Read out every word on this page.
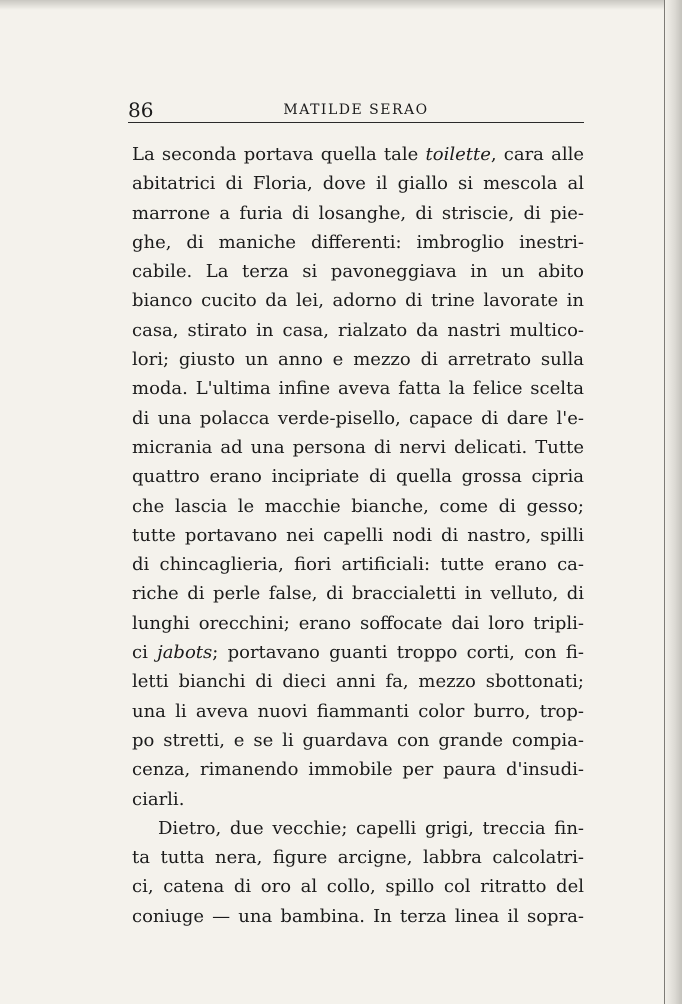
86	MATILDE SERAO
La seconda portava quella tale toilette, cara alle
abitatrici di Floria, dove il giallo si mescola al
marrone a furia di losanghe, di striscie, di pie-
ghe, di maniche differenti: imbroglio inestri-
cabile. La terza si pavoneggiava in un abito
bianco cucito da lei, adorno di trine lavorate in
casa, stirato in casa, rialzato da nastri multico-
lori; giusto un anno e mezzo di arretrato sulla
moda. L'ultima infine aveva fatta la felice scelta
di una polacca verde-pisello, capace di dare l'e-
micrania ad una persona di nervi delicati. Tutte
quattro erano incipriate di quella grossa cipria
che lascia le macchie bianche, come di gesso;
tutte portavano nei capelli nodi di nastro, spilli
di chincaglieria, fiori artificiali: tutte erano ca-
riche di perle false, di braccialetti in velluto, di
lunghi orecchini; erano soffocate dai loro tripli-
ci jabots; portavano guanti troppo corti, con fi-
letti bianchi di dieci anni fa, mezzo sbottonati;
una li aveva nuovi fiammanti color burro, trop-
po stretti, e se li guardava con grande compia-
cenza, rimanendo immobile per paura d'insudi-
ciarli.
Dietro, due vecchie; capelli grigi, treccia fin-
ta tutta nera, figure arcigne, labbra calcolatri-
ci, catena di oro al collo, spillo col ritratto del
coniuge — una bambina. In terza linea il sopra-
